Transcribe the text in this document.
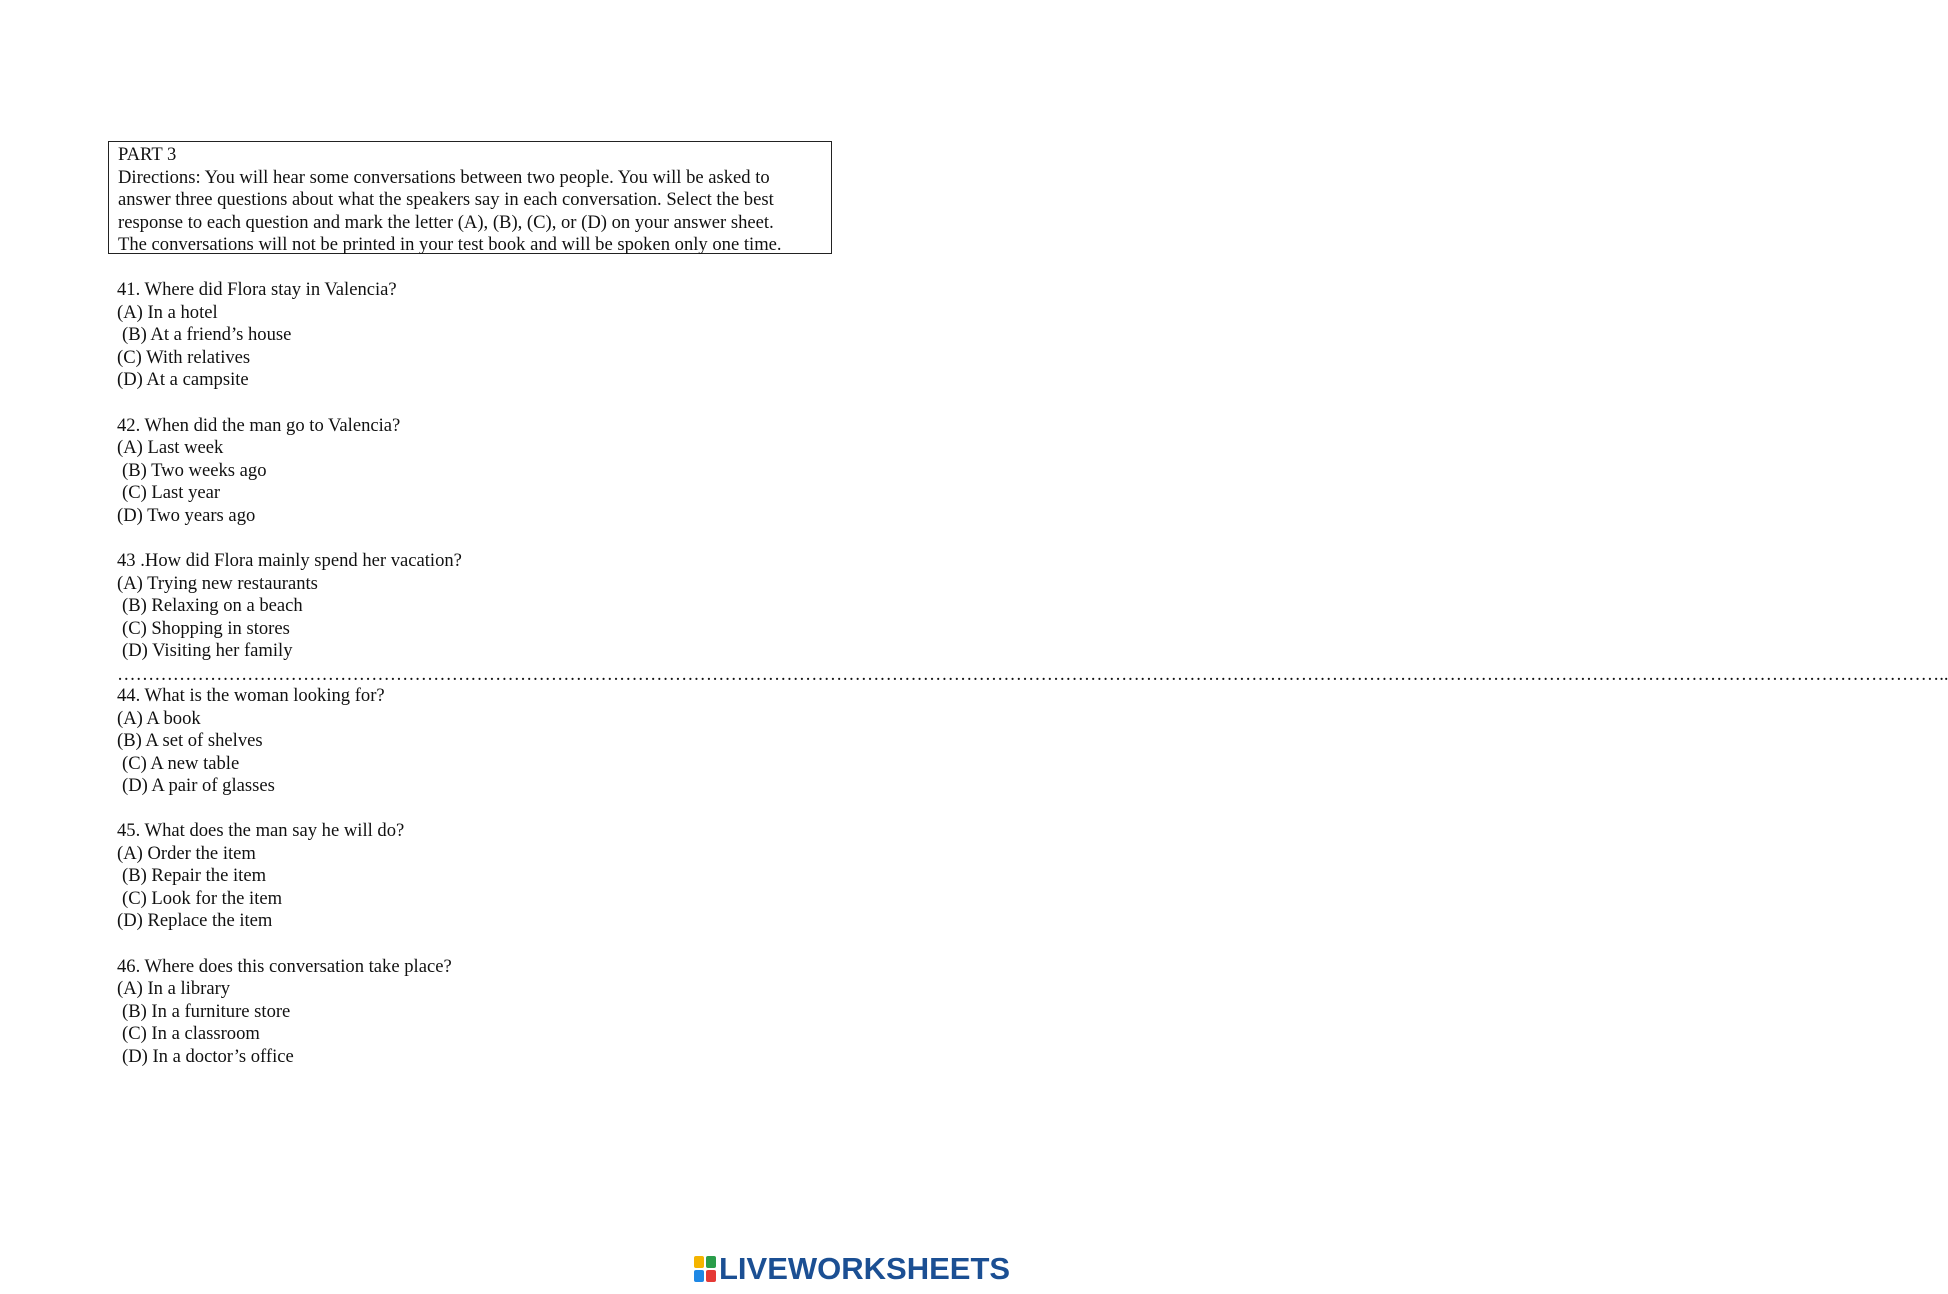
PART 3
Directions: You will hear some conversations between two people. You will be asked to
answer three questions about what the speakers say in each conversation. Select the best
response to each question and mark the letter (A), (B), (C), or (D) on your answer sheet.
The conversations will not be printed in your test book and will be spoken only one time.
41. Where did Flora stay in Valencia?
(A) In a hotel
(B) At a friend’s house
(C) With relatives
(D) At a campsite
42. When did the man go to Valencia?
(A) Last week
(B) Two weeks ago
(C) Last year
(D) Two years ago
43 .How did Flora mainly spend her vacation?
(A) Trying new restaurants
(B) Relaxing on a beach
(C) Shopping in stores
(D) Visiting her family
……………………………………………………………………………………………………………………………………………………………………………………………………………………………………………………………………..
44. What is the woman looking for?
(A) A book
(B) A set of shelves
(C) A new table
(D) A pair of glasses
45. What does the man say he will do?
(A) Order the item
(B) Repair the item
(C) Look for the item
(D) Replace the item
46. Where does this conversation take place?
(A) In a library
(B) In a furniture store
(C) In a classroom
(D) In a doctor’s office
LIVEWORKSHEETS
